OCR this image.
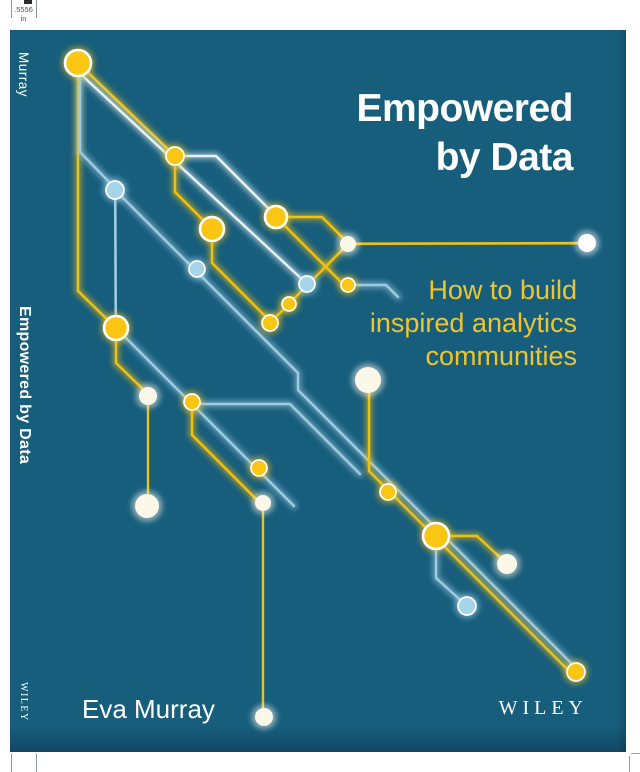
.5556 in
Murray
Empowered by Data
WILEY
Empowered
by Data
How to build
inspired analytics
communities
Eva Murray	WILEY
